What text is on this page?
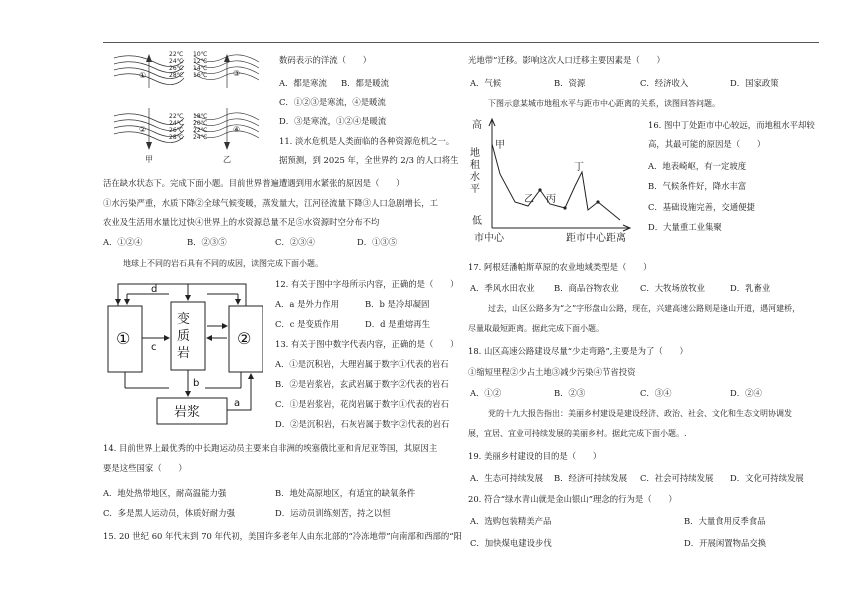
22℃
24℃
26℃
28℃
10℃
12℃
14℃
16℃
22℃
24℃
26℃
28℃
18℃
20℃
22℃
24℃
①
②
③
④
甲	乙
数码表示的洋流（　　）
A．都是寒流 B．都是暖流
C．①②③是寒流，④是暖流
D．③是寒流，①②④是暖流
11. 淡水危机是人类面临的各种资源危机之一。
据预测，到 2025 年，全世界约 2/3 的人口将生
活在缺水状态下。完成下面小题。目前世界普遍遭遇到用水紧张的原因是（　　）
①水污染严重，水质下降②全球气候变暖，蒸发量大，江河径流量下降③人口急剧增长，工
农业及生活用水量比过快④世界上的水资源总量不足⑤水资源时空分布不均
A．①②④	B．②③⑤	C．②③④	D．①③⑤
地球上不同的岩石具有不同的成因，读图完成下面小题。
①	②
a
b
c
d
岩浆
变质岩
12. 有关于图中字母所示内容，正确的是（　　）
A．a 是外力作用	B．b 是冷却凝固
C．c 是变质作用	D．d 是重熔再生
13. 有关于图中数字代表内容，正确的是（　　）
A．①是沉积岩，大理岩属于数字①代表的岩石
B．②是岩浆岩，玄武岩属于数字②代表的岩石
C．①是岩浆岩，花岗岩属于数字①代表的岩石
D．②是沉积岩，石灰岩属于数字②代表的岩石
14. 目前世界上最优秀的中长跑运动员主要来自非洲的埃塞俄比亚和肯尼亚等国，其原因主
要是这些国家（　　）
A．地处热带地区，耐高温能力强	B．地处高原地区，有适宜的缺氧条件
C．多是黑人运动员，体质好耐力强	D．运动员训练刻苦，持之以恒
15. 20 世纪 60 年代末到 70 年代初，美国许多老年人由东北部的“冷冻地带”向南部和西部的“阳
光地带”迁移。影响这次人口迁移主要因素是（　　）
A．气候	B．资源	C．经济收入	D．国家政策
下图示意某城市地租水平与距市中心距离的关系，读图回答问题。
高
低
甲
乙 丙
丁
市中心	距市中心距离
地租水平
16. 图中丁处距市中心较远，而地租水平却较
高，其最可能的原因是（　　）
A．地表崎岖，有一定坡度
B．气候条件好，降水丰富
C．基础设施完善，交通便捷
D．大量重工业集聚
17. 阿根廷潘帕斯草原的农业地域类型是（　　）
A．季风水田农业 B．商品谷物农业	C．大牧场放牧业	D．乳畜业
过去，山区公路多为“之”字形盘山公路，现在，兴建高速公路则是逢山开道，遇河建桥，
尽量取最短距离。据此完成下面小题。
18. 山区高速公路建设尽量“少走弯路”,主要是为了（　　）
①缩短里程②少占土地③减少污染④节省投资
A．①②	B．②③	C．③④	D．②④
党的十九大报告指出：美丽乡村建设是建设经济、政治、社会、文化和生态文明协调发
展，宜居、宜业可持续发展的美丽乡村。据此完成下面小题。.
19. 美丽乡村建设的目的是（　　）
A．生态可持续发展 B．经济可持续发展 C．社会可持续发展 D．文化可持续发展
20. 符合“绿水青山就是金山银山”理念的行为是（　　）
A．选购包装精美产品	B．大量食用反季食品
C．加快煤电建设步伐	D．开展闲置物品交换
